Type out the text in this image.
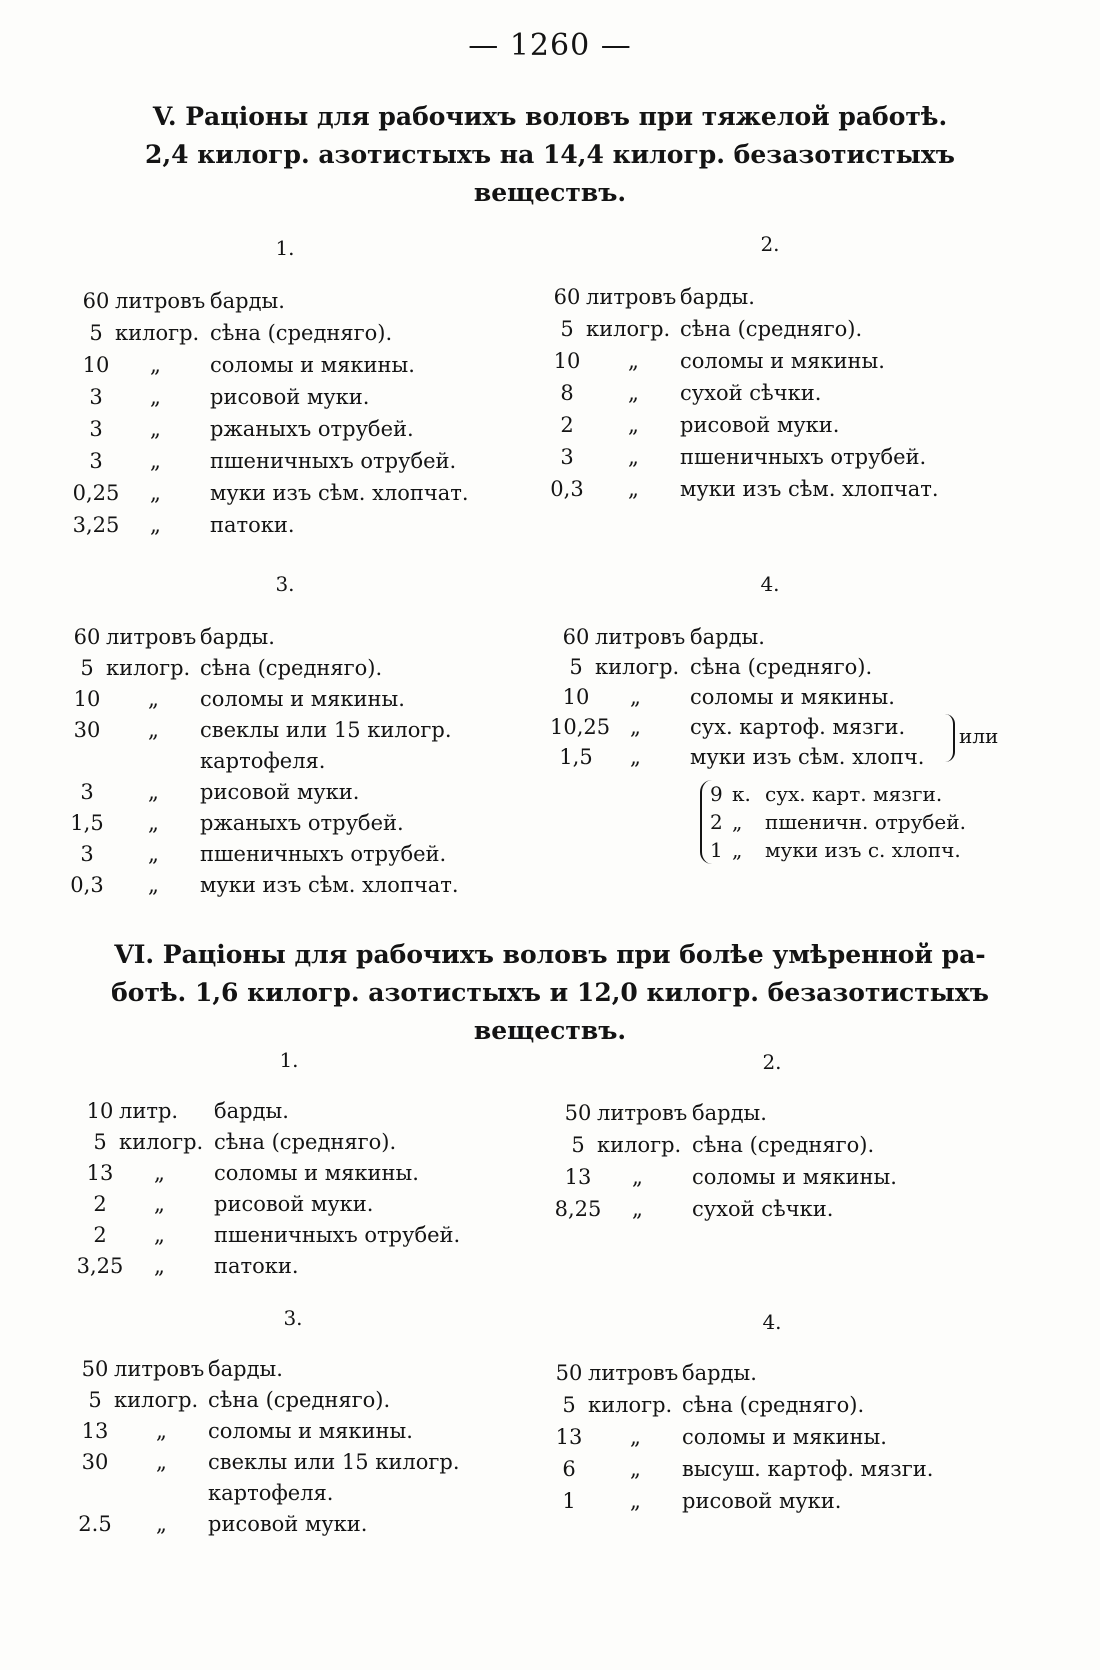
— 1260 —
V. Раціоны для рабочихъ воловъ при тяжелой работѣ.
2,4 килогр. азотистыхъ на 14,4 килогр. безазотистыхъ
веществъ.
VI. Раціоны для рабочихъ воловъ при болѣе умѣренной ра-
ботѣ. 1,6 килогр. азотистыхъ и 12,0 килогр. безазотистыхъ
веществъ.
1.
60 литровъ барды.
5 килогр. сѣна (средняго).
10	„ соломы и мякины.
3	„ рисовой муки.
3	„ ржаныхъ отрубей.
3	„ пшеничныхъ отрубей.
0,25 „ муки изъ сѣм. хлопчат.
3,25 „ патоки.
2.
60 литровъ барды.
5 килогр. сѣна (средняго).
10 „ соломы и мякины.
8	„ сухой сѣчки.
2	„ рисовой муки.
3	„ пшеничныхъ отрубей.
0,3 „ муки изъ сѣм. хлопчат.
3.
60 литровъ барды.
5 килогр. сѣна (средняго).
10 „ соломы и мякины.
30 „ свеклы или 15 килогр.
картофеля.
3	„ рисовой муки.
1,5 „ ржаныхъ отрубей.
3	„ пшеничныхъ отрубей.
0,3 „ муки изъ сѣм. хлопчат.
4.
60 литровъ барды.
5 килогр. сѣна (средняго).
10	„ соломы и мякины.
10,25 „ сух. картоф. мязги.
1,5	„ муки изъ сѣм. хлопч.
или
9 к. сух. карт. мязги.
2 „ пшеничн. отрубей.
1 „ муки изъ с. хлопч.
1.
10 литр. барды.
5 килогр. сѣна (средняго).
13	„ соломы и мякины.
2	„ рисовой муки.
2	„ пшеничныхъ отрубей.
3,25 „ патоки.
2.
50 литровъ барды.
5 килогр. сѣна (средняго).
13	„ соломы и мякины.
8,25 „ сухой сѣчки.
3.
50 литровъ барды.
5 килогр. сѣна (средняго).
13 „ соломы и мякины.
30 „ свеклы или 15 килогр.
картофеля.
2.5 „ рисовой муки.
4.
50 литровъ барды.
5 килогр. сѣна (средняго).
13 „ соломы и мякины.
6	„ высуш. картоф. мязги.
1	„ рисовой муки.
